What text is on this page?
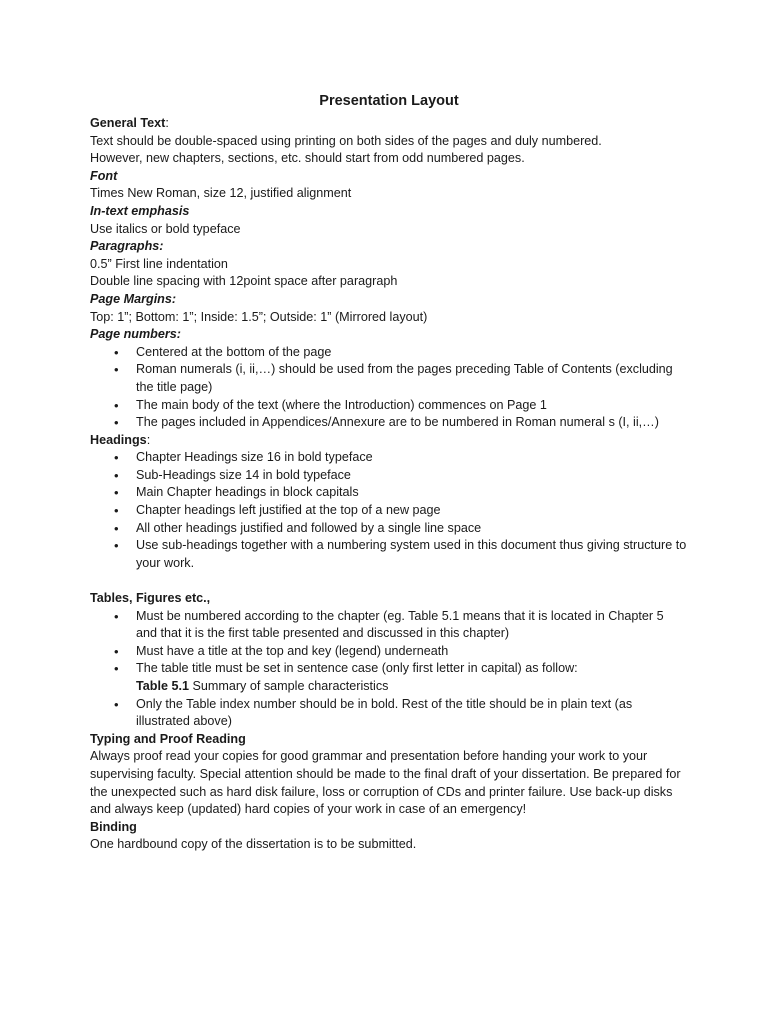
Presentation Layout

General Text:

Text should be double-spaced using printing on both sides of the pages and duly numbered.

However, new chapters, sections, etc. should start from odd numbered pages.

Font

Times New Roman, size 12, justified alignment

In-text emphasis

Use italics or bold typeface

Paragraphs:

0.5” First line indentation

Double line spacing with 12point space after paragraph

Page Margins:

Top: 1”; Bottom: 1”; Inside: 1.5”; Outside: 1” (Mirrored layout)

Page numbers:

• Centered at the bottom of the page
• Roman numerals (i, ii,…) should be used from the pages preceding Table of Contents (excluding the title page)
• The main body of the text (where the Introduction) commences on Page 1
• The pages included in Appendices/Annexure are to be numbered in Roman numeral s (I, ii,…)

Headings:

• Chapter Headings size 16 in bold typeface
• Sub-Headings size 14 in bold typeface
• Main Chapter headings in block capitals
• Chapter headings left justified at the top of a new page
• All other headings justified and followed by a single line space
• Use sub-headings together with a numbering system used in this document thus giving structure to your work.

Tables, Figures etc.,

• Must be numbered according to the chapter (eg. Table 5.1 means that it is located in Chapter 5 and that it is the first table presented and discussed in this chapter)
• Must have a title at the top and key (legend) underneath
• The table title must be set in sentence case (only first letter in capital) as follow:
Table 5.1 Summary of sample characteristics
• Only the Table index number should be in bold. Rest of the title should be in plain text (as illustrated above)

Typing and Proof Reading

Always proof read your copies for good grammar and presentation before handing your work to your supervising faculty. Special attention should be made to the final draft of your dissertation. Be prepared for the unexpected such as hard disk failure, loss or corruption of CDs and printer failure. Use back-up disks and always keep (updated) hard copies of your work in case of an emergency!

Binding

One hardbound copy of the dissertation is to be submitted.
